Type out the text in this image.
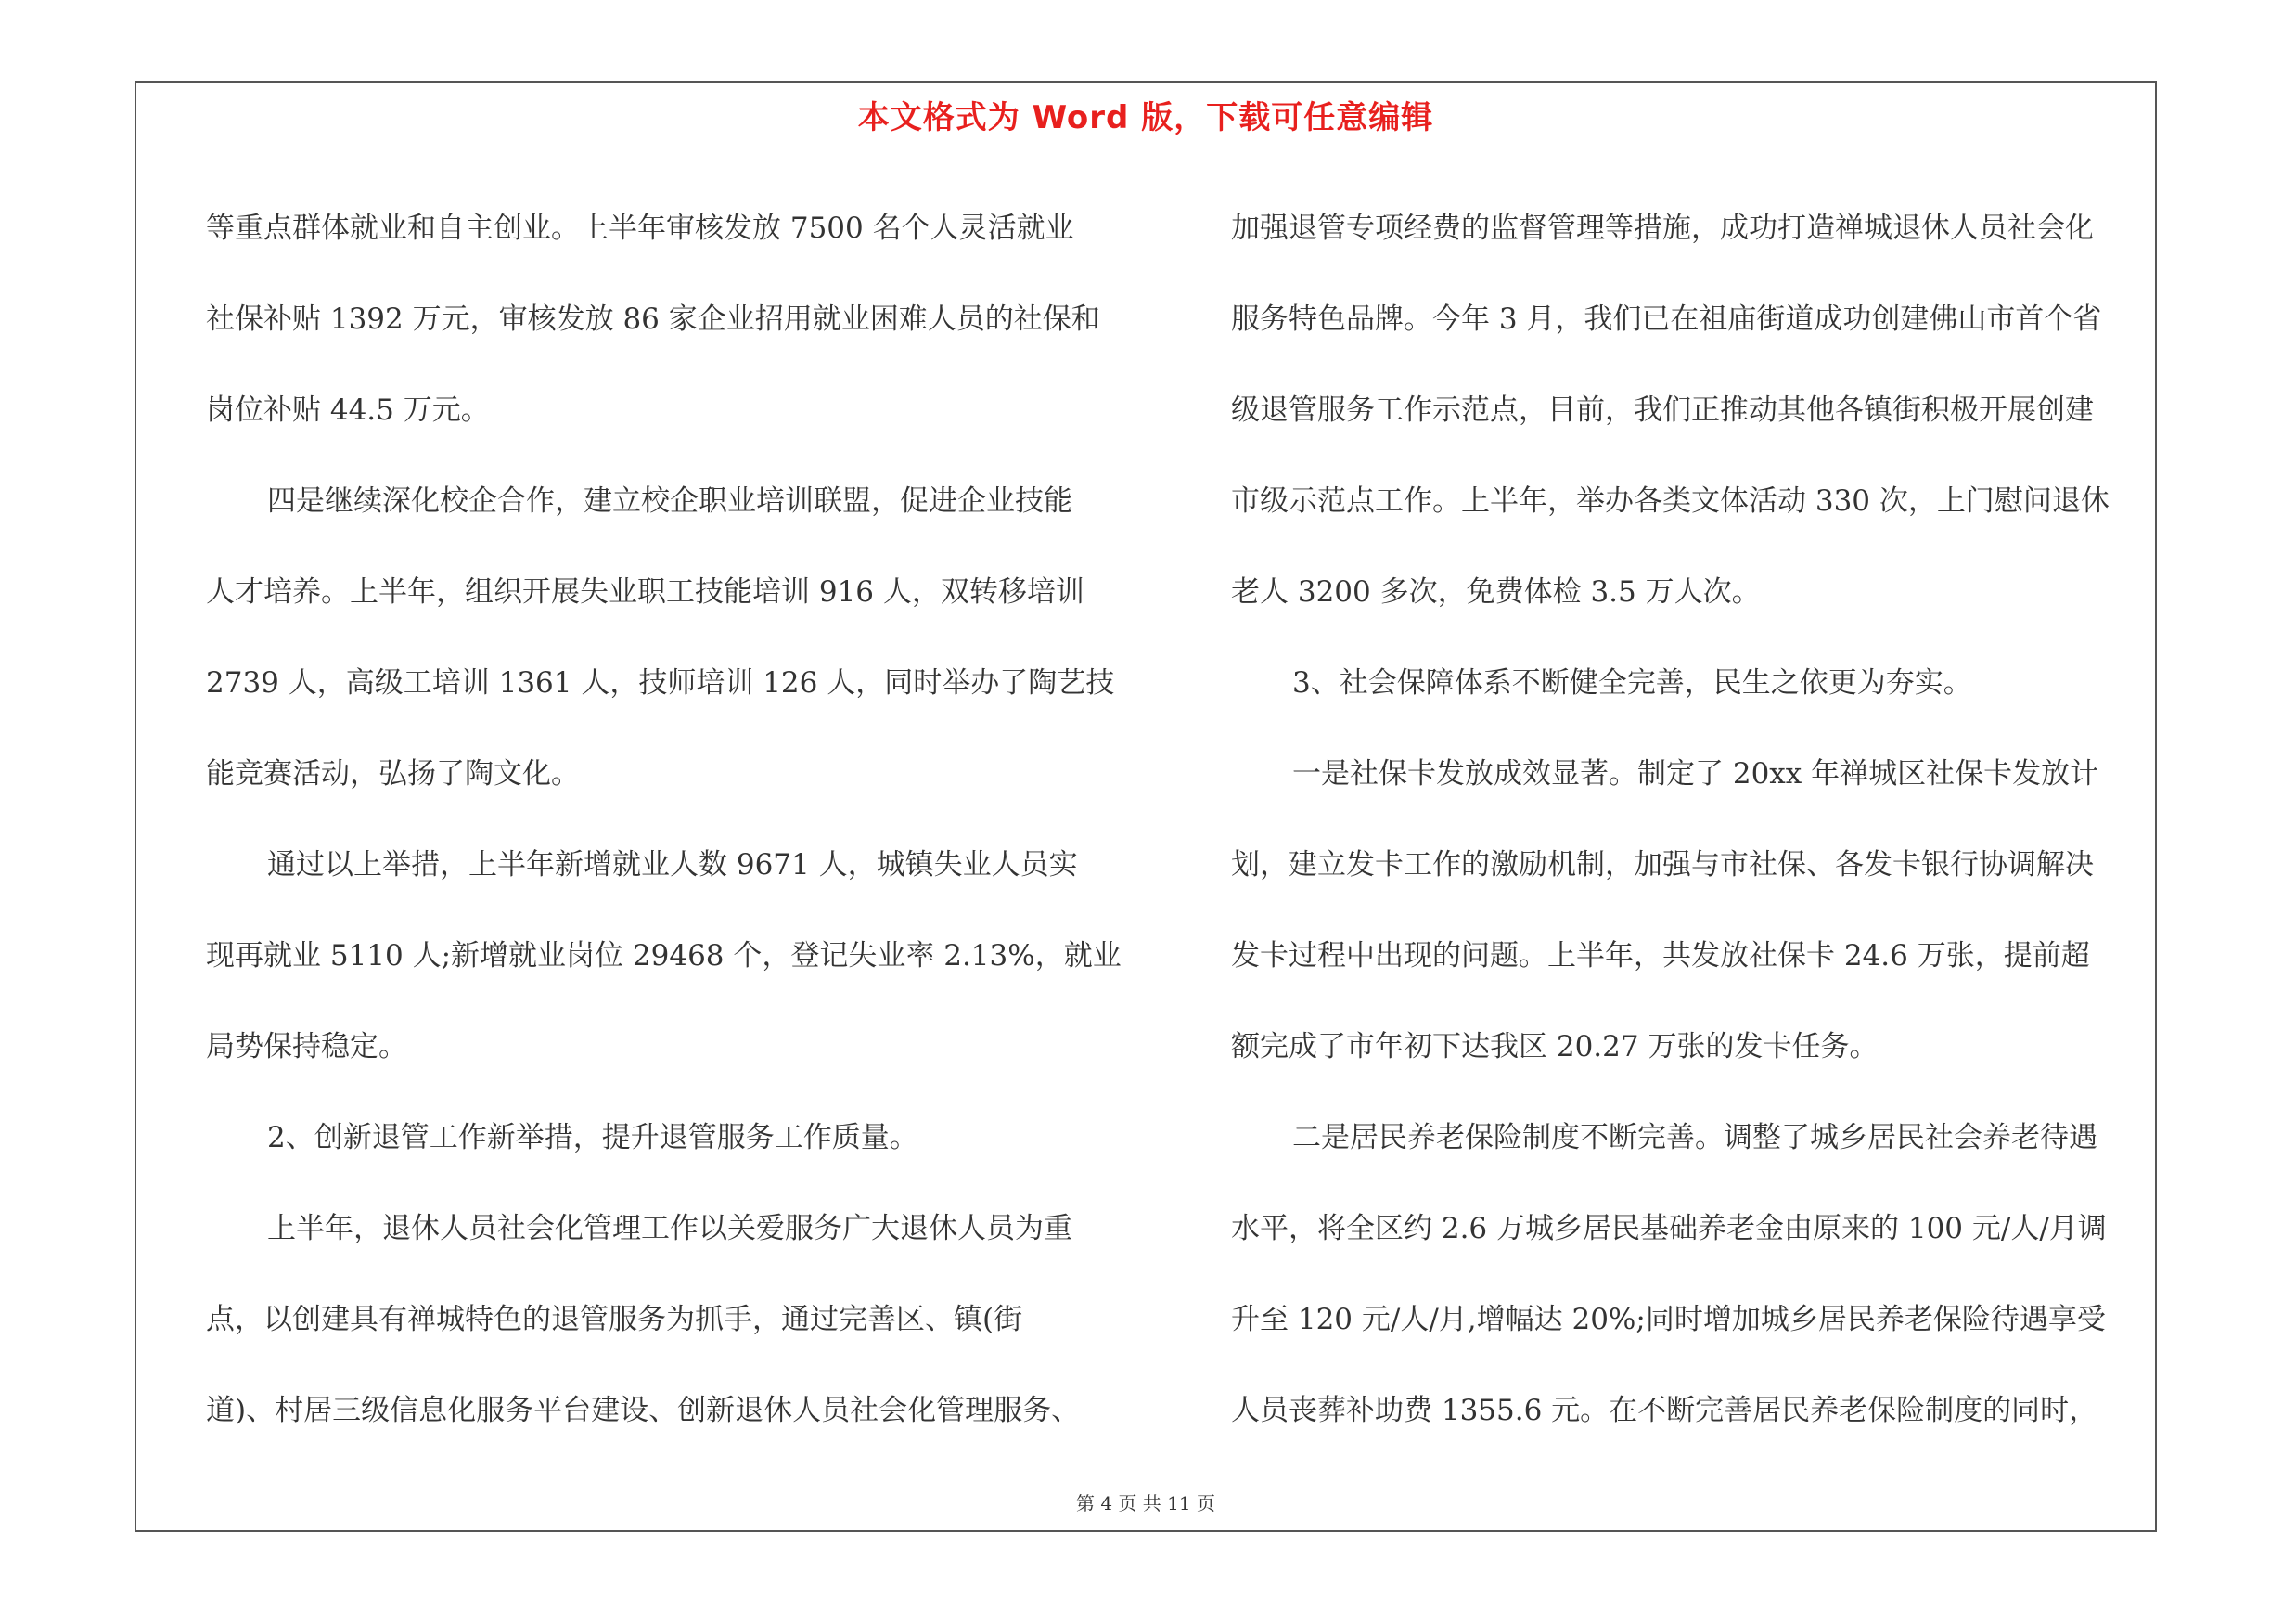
本文格式为 Word 版，下载可任意编辑
等重点群体就业和自主创业。上半年审核发放 7500 名个人灵活就业
社保补贴 1392 万元，审核发放 86 家企业招用就业困难人员的社保和
岗位补贴 44.5 万元。
四是继续深化校企合作，建立校企职业培训联盟，促进企业技能
人才培养。上半年，组织开展失业职工技能培训 916 人，双转移培训
2739 人，高级工培训 1361 人，技师培训 126 人，同时举办了陶艺技
能竞赛活动，弘扬了陶文化。
通过以上举措，上半年新增就业人数 9671 人，城镇失业人员实
现再就业 5110 人;新增就业岗位 29468 个，登记失业率 2.13%，就业
局势保持稳定。
2、创新退管工作新举措，提升退管服务工作质量。
上半年，退休人员社会化管理工作以关爱服务广大退休人员为重
点，以创建具有禅城特色的退管服务为抓手，通过完善区、镇(街
道)、村居三级信息化服务平台建设、创新退休人员社会化管理服务、
加强退管专项经费的监督管理等措施，成功打造禅城退休人员社会化
服务特色品牌。今年 3 月，我们已在祖庙街道成功创建佛山市首个省
级退管服务工作示范点，目前，我们正推动其他各镇街积极开展创建
市级示范点工作。上半年，举办各类文体活动 330 次，上门慰问退休
老人 3200 多次，免费体检 3.5 万人次。
3、社会保障体系不断健全完善，民生之依更为夯实。
一是社保卡发放成效显著。制定了 20xx 年禅城区社保卡发放计
划，建立发卡工作的激励机制，加强与市社保、各发卡银行协调解决
发卡过程中出现的问题。上半年，共发放社保卡 24.6 万张，提前超
额完成了市年初下达我区 20.27 万张的发卡任务。
二是居民养老保险制度不断完善。调整了城乡居民社会养老待遇
水平，将全区约 2.6 万城乡居民基础养老金由原来的 100 元/人/月调
升至 120 元/人/月,增幅达 20%;同时增加城乡居民养老保险待遇享受
人员丧葬补助费 1355.6 元。在不断完善居民养老保险制度的同时，
第 4 页 共 11 页
